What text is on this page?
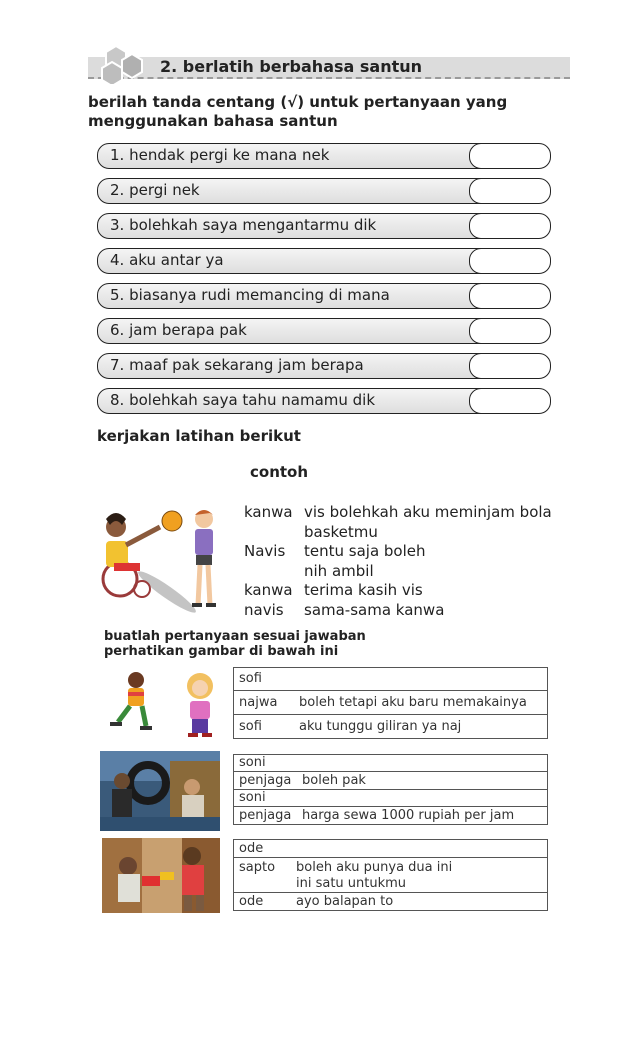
2. berlatih berbahasa santun
berilah tanda centang (√) untuk pertanyaan yang
menggunakan bahasa santun
1. hendak pergi ke mana nek
2. pergi nek
3. bolehkah saya mengantarmu dik
4. aku antar ya
5. biasanya rudi memancing di mana
6. jam berapa pak
7. maaf pak sekarang jam berapa
8. bolehkah saya tahu namamu dik
kerjakan latihan berikut
contoh
kanwa vis bolehkah aku meminjam bola
basketmu
Navis tentu saja boleh
nih ambil
kanwa terima kasih vis
navis sama-sama kanwa
buatlah pertanyaan sesuai jawaban
perhatikan gambar di bawah ini
sofi
najwa boleh tetapi aku baru memakainya
sofi	aku tunggu giliran ya naj
soni
penjaga boleh pak
soni
penjaga harga sewa 1000 rupiah per jam
ode
sapto boleh aku punya dua ini
ini satu untukmu
ode	ayo balapan to
